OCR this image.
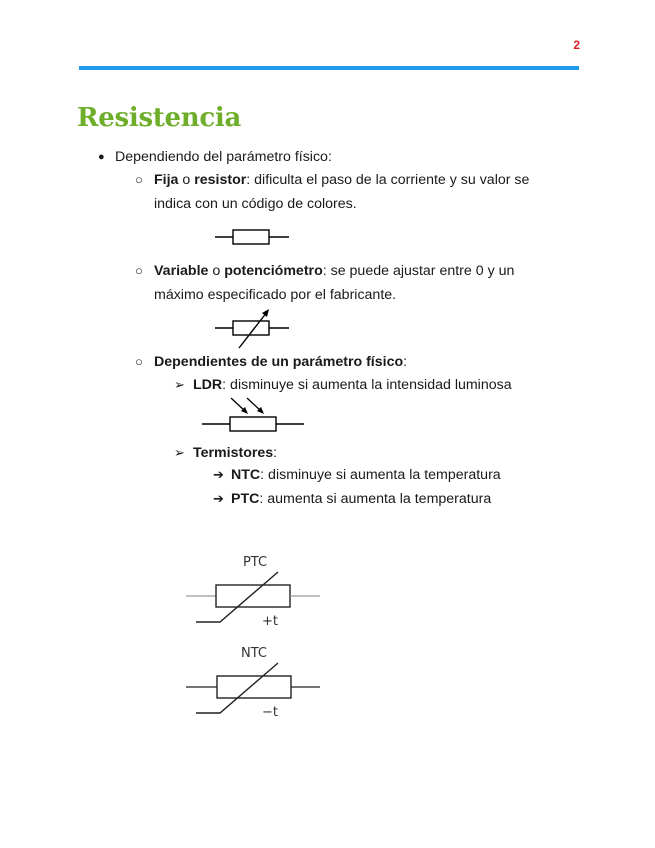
2
Resistencia
● Dependiendo del parámetro físico:
○ Fija o resistor: dificulta el paso de la corriente y su valor se
indica con un código de colores.
○ Variable o potenciómetro: se puede ajustar entre 0 y un
máximo especificado por el fabricante.
○ Dependientes de un parámetro físico:
➢ LDR: disminuye si aumenta la intensidad luminosa
➢ Termistores:
➔ NTC: disminuye si aumenta la temperatura
➔ PTC: aumenta si aumenta la temperatura
PTC
+t
NTC
−t
